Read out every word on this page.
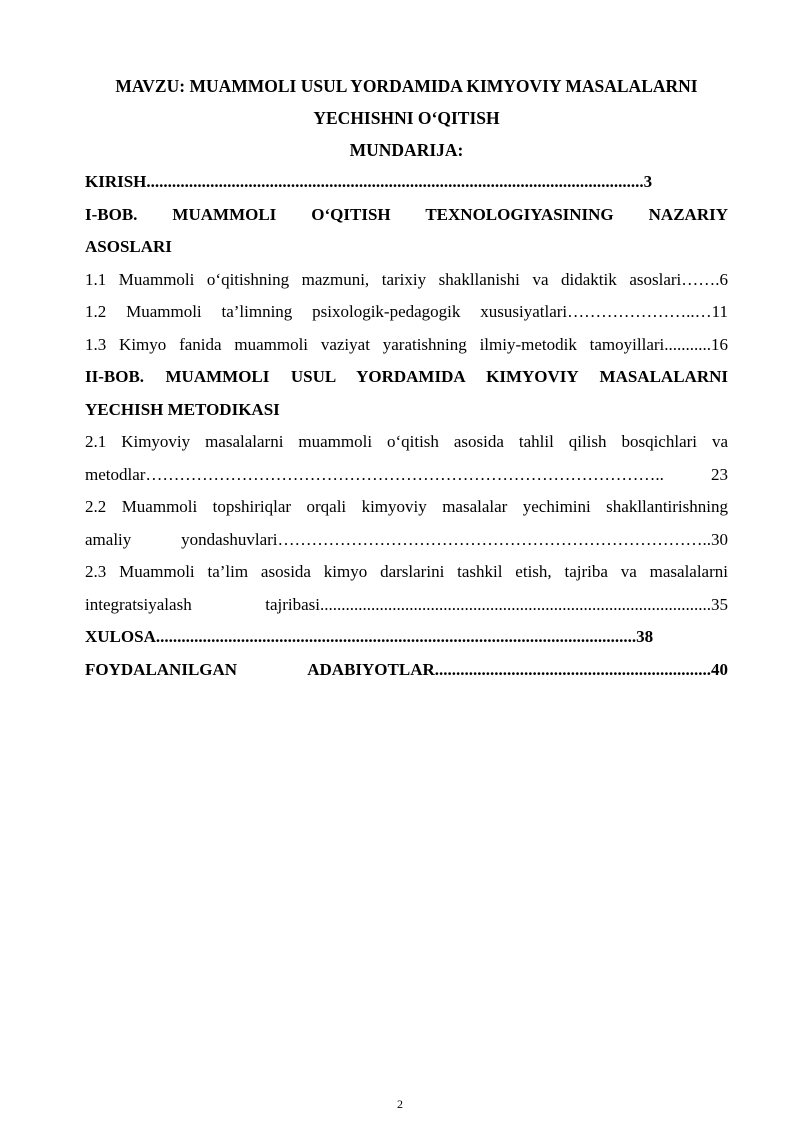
MAVZU: MUAMMOLI USUL YORDAMIDA KIMYOVIY MASALALARNI
YECHISHNI O‘QITISH
MUNDARIJA:

KIRISH.....................................................................................................................3

I-BOB. MUAMMOLI O‘QITISH TEXNOLOGIYASINING NAZARIY
ASOSLARI

1.1 Muammoli o‘qitishning mazmuni, tarixiy shakllanishi va didaktik asoslari…….6

1.2 Muammoli ta’limning psixologik-pedagogik xususiyatlari…………………..…11

1.3 Kimyo fanida muammoli vaziyat yaratishning ilmiy-metodik tamoyillari...........16

II-BOB. MUAMMOLI USUL YORDAMIDA KIMYOVIY MASALALARNI
YECHISH METODIKASI

2.1 Kimyoviy masalalarni muammoli o‘qitish asosida tahlil qilish bosqichlari va
metodlar……………………………………………………………………………….. 23

2.2 Muammoli topshiriqlar orqali kimyoviy masalalar yechimini shakllantirishning
amaliy yondashuvlari…………………………………………………………………..30

2.3 Muammoli ta’lim asosida kimyo darslarini tashkil etish, tajriba va masalalarni
integratsiyalash tajribasi............................................................................................35

XULOSA.................................................................................................................38

FOYDALANILGAN ADABIYOTLAR.................................................................40

2
